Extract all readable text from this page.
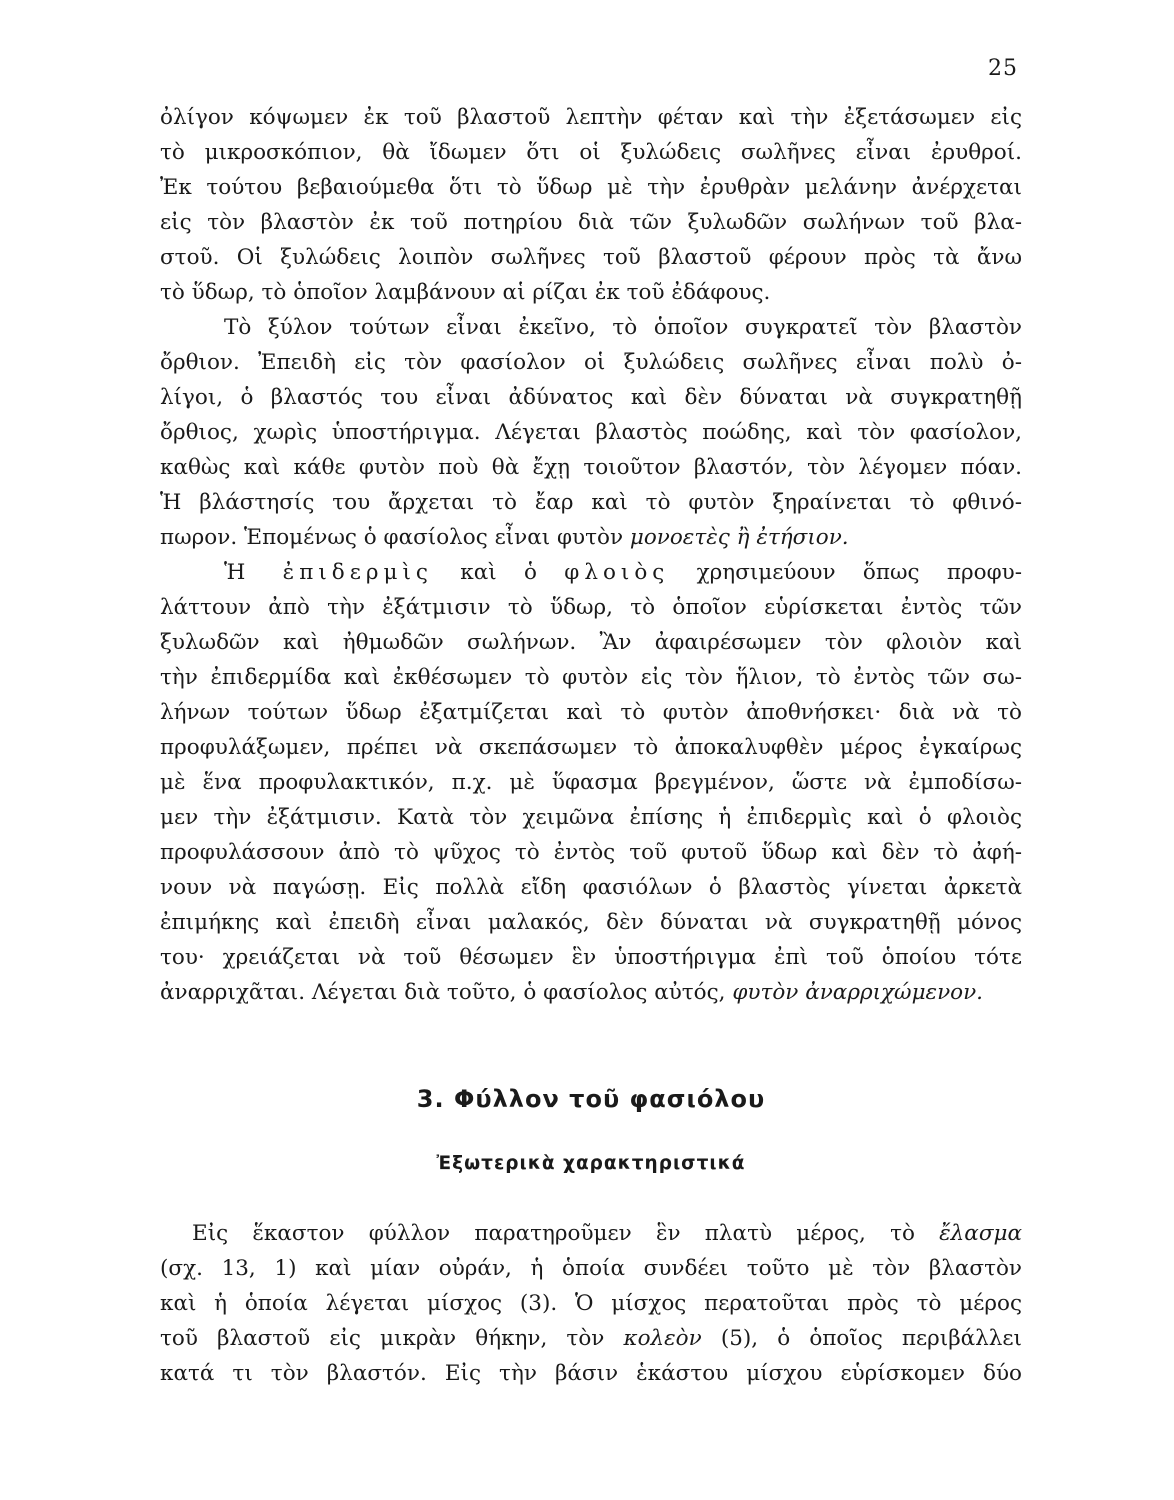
25
ὀλίγον κόψωμεν ἐκ τοῦ βλαστοῦ λεπτὴν φέταν καὶ τὴν ἐξετάσωμεν εἰς
τὸ μικροσκόπιον, θὰ ἴδωμεν ὅτι οἱ ξυλώδεις σωλῆνες εἶναι ἐρυθροί.
Ἐκ τούτου βεβαιούμεθα ὅτι τὸ ὕδωρ μὲ τὴν ἐρυθρὰν μελάνην ἀνέρχεται
εἰς τὸν βλαστὸν ἐκ τοῦ ποτηρίου διὰ τῶν ξυλωδῶν σωλήνων τοῦ βλα-
στοῦ. Οἱ ξυλώδεις λοιπὸν σωλῆνες τοῦ βλαστοῦ φέρουν πρὸς τὰ ἄνω
τὸ ὕδωρ, τὸ ὁποῖον λαμβάνουν αἱ ρίζαι ἐκ τοῦ ἐδάφους.
Τὸ ξύλον τούτων εἶναι ἐκεῖνο, τὸ ὁποῖον συγκρατεῖ τὸν βλαστὸν
ὄρθιον. Ἐπειδὴ εἰς τὸν φασίολον οἱ ξυλώδεις σωλῆνες εἶναι πολὺ ὀ-
λίγοι, ὁ βλαστός του εἶναι ἀδύνατος καὶ δὲν δύναται νὰ συγκρατηθῇ
ὄρθιος, χωρὶς ὑποστήριγμα. Λέγεται βλαστὸς ποώδης, καὶ τὸν φασίολον,
καθὼς καὶ κάθε φυτὸν ποὺ θὰ ἔχῃ τοιοῦτον βλαστόν, τὸν λέγομεν πόαν.
Ἡ βλάστησίς του ἄρχεται τὸ ἔαρ καὶ τὸ φυτὸν ξηραίνεται τὸ φθινό-
πωρον. Ἑπομένως ὁ φασίολος εἶναι φυτὸν μονοετὲς ἢ ἐτήσιον.
Ἡ ἐπιδερμὶς καὶ ὁ φλοιὸς χρησιμεύουν ὅπως προφυ-
λάττουν ἀπὸ τὴν ἐξάτμισιν τὸ ὕδωρ, τὸ ὁποῖον εὑρίσκεται ἐντὸς τῶν
ξυλωδῶν καὶ ἠθμωδῶν σωλήνων. Ἂν ἀφαιρέσωμεν τὸν φλοιὸν καὶ
τὴν ἐπιδερμίδα καὶ ἐκθέσωμεν τὸ φυτὸν εἰς τὸν ἥλιον, τὸ ἐντὸς τῶν σω-
λήνων τούτων ὕδωρ ἐξατμίζεται καὶ τὸ φυτὸν ἀποθνήσκει· διὰ νὰ τὸ
προφυλάξωμεν, πρέπει νὰ σκεπάσωμεν τὸ ἀποκαλυφθὲν μέρος ἐγκαίρως
μὲ ἕνα προφυλακτικόν, π.χ. μὲ ὕφασμα βρεγμένον, ὥστε νὰ ἐμποδίσω-
μεν τὴν ἐξάτμισιν. Κατὰ τὸν χειμῶνα ἐπίσης ἡ ἐπιδερμὶς καὶ ὁ φλοιὸς
προφυλάσσουν ἀπὸ τὸ ψῦχος τὸ ἐντὸς τοῦ φυτοῦ ὕδωρ καὶ δὲν τὸ ἀφή-
νουν νὰ παγώσῃ. Εἰς πολλὰ εἴδη φασιόλων ὁ βλαστὸς γίνεται ἀρκετὰ
ἐπιμήκης καὶ ἐπειδὴ εἶναι μαλακός, δὲν δύναται νὰ συγκρατηθῇ μόνος
του· χρειάζεται νὰ τοῦ θέσωμεν ἓν ὑποστήριγμα ἐπὶ τοῦ ὁποίου τότε
ἀναρριχᾶται. Λέγεται διὰ τοῦτο, ὁ φασίολος αὐτός, φυτὸν ἀναρριχώμενον.
3. Φύλλον τοῦ φασιόλου
Ἐξωτερικὰ χαρακτηριστικά
Εἰς ἕκαστον φύλλον παρατηροῦμεν ἓν πλατὺ μέρος, τὸ ἔλασμα
(σχ. 13, 1) καὶ μίαν οὐράν, ἡ ὁποία συνδέει τοῦτο μὲ τὸν βλαστὸν
καὶ ἡ ὁποία λέγεται μίσχος (3). Ὁ μίσχος περατοῦται πρὸς τὸ μέρος
τοῦ βλαστοῦ εἰς μικρὰν θήκην, τὸν κολεὸν (5), ὁ ὁποῖος περιβάλλει
κατά τι τὸν βλαστόν. Εἰς τὴν βάσιν ἑκάστου μίσχου εὑρίσκομεν δύο
